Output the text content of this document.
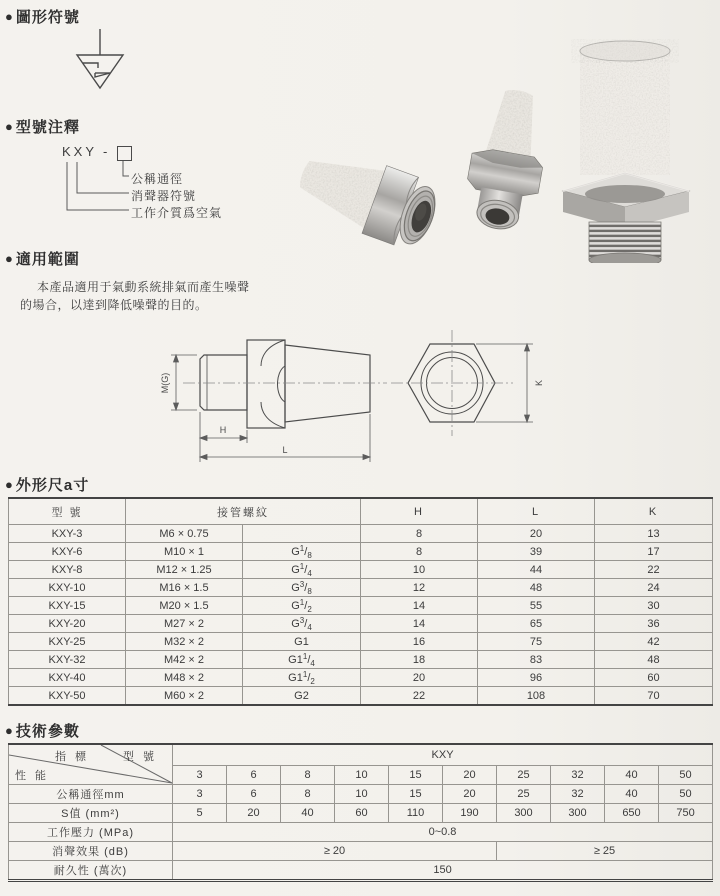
● 圖形符號
● 型號注釋
KXY -
公稱通徑
消聲器符號
工作介質爲空氣
● 適用範圍
本產品適用于氣動系統排氣而產生噪聲
的場合，以達到降低噪聲的目的。
M(G)
H
L
K
● 外形尺a寸
型 號	接管螺紋		H	L	K
KXY-3	M6 × 0.75		8	20	13
KXY-6	M10 × 1	$G^1/_8$	8	39	17
KXY-8	M12 × 1.25	$G^1/_4$	10	44	22
KXY-10	M16 × 1.5	$G^3/_8$	12	48	24
KXY-15	M20 × 1.5	$G^1/_2$	14	55	30
KXY-20	M27 × 2	$G^3/_4$	14	65	36
KXY-25	M32 × 2	G1	16	75	42
KXY-32	M42 × 2	$G1^1/_4$	18	83	48
KXY-40	M48 × 2	$G1^1/_2$	20	96	60
KXY-50	M60 × 2	G2	22	108	70
● 技術參數
指 標 型 號
性 能	KXY									
	3	6	8	10	15	20	25	32	40	50
公稱通徑mm	3	6	8	10	15	20	25	32	40	50
S值 (mm²)	5	20	40	60	110	190	300	300	650	750
工作壓力 (MPa)	0~0.8									
消聲效果 (dB)	≥ 20						≥ 25			
耐久性 (萬次)	150									
